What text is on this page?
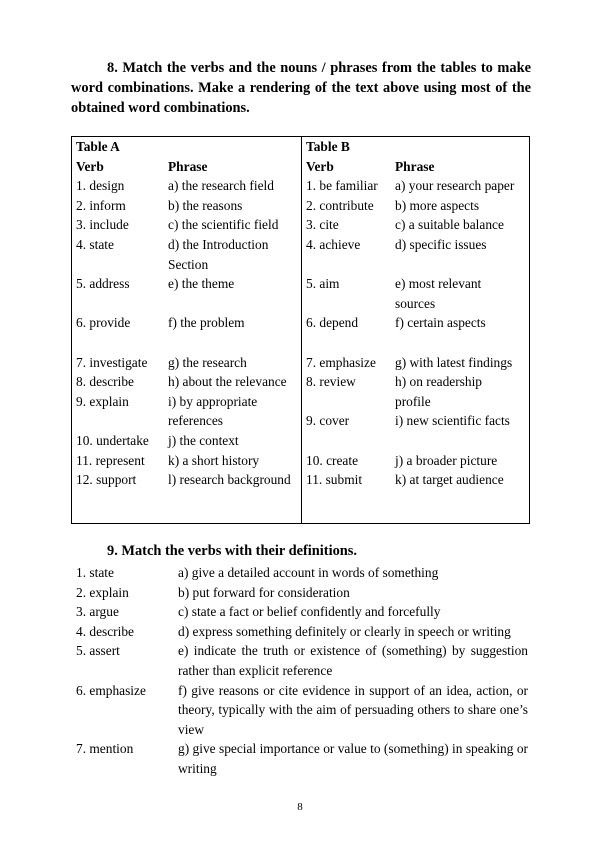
8. Match the verbs and the nouns / phrases from the tables to make word combinations. Make a rendering of the text above using most of the obtained word combinations.
Table A
Verb	Phrase
1. design	a) the research field
2. inform	b) the reasons
3. include	c) the scientific field
4. state	d) the Introduction Section
5. address	e) the theme
6. provide	f) the problem
7. investigate	g) the research
8. describe	h) about the relevance
9. explain	i) by appropriate references
10. undertake	j) the context
11. represent	k) a short history
12. support	l) research background
Table B
Verb	Phrase
1. be familiar	a) your research paper
2. contribute	b) more aspects
3. cite	c) a suitable balance
4. achieve	d) specific issues
5. aim	e) most relevant sources
6. depend	f) certain aspects
7. emphasize	g) with latest findings
8. review	h) on readership profile
9. cover	i) new scientific facts
10. create	j) a broader picture
11. submit	k) at target audience
9. Match the verbs with their definitions.
1. state	a) give a detailed account in words of something
2. explain	b) put forward for consideration
3. argue	c) state a fact or belief confidently and forcefully
4. describe	d) express something definitely or clearly in speech or writing
5. assert	e) indicate the truth or existence of (something) by suggestion rather than explicit reference
6. emphasize	f) give reasons or cite evidence in support of an idea, action, or theory, typically with the aim of persuading others to share one’s view
7. mention	g) give special importance or value to (something) in speaking or writing
8
